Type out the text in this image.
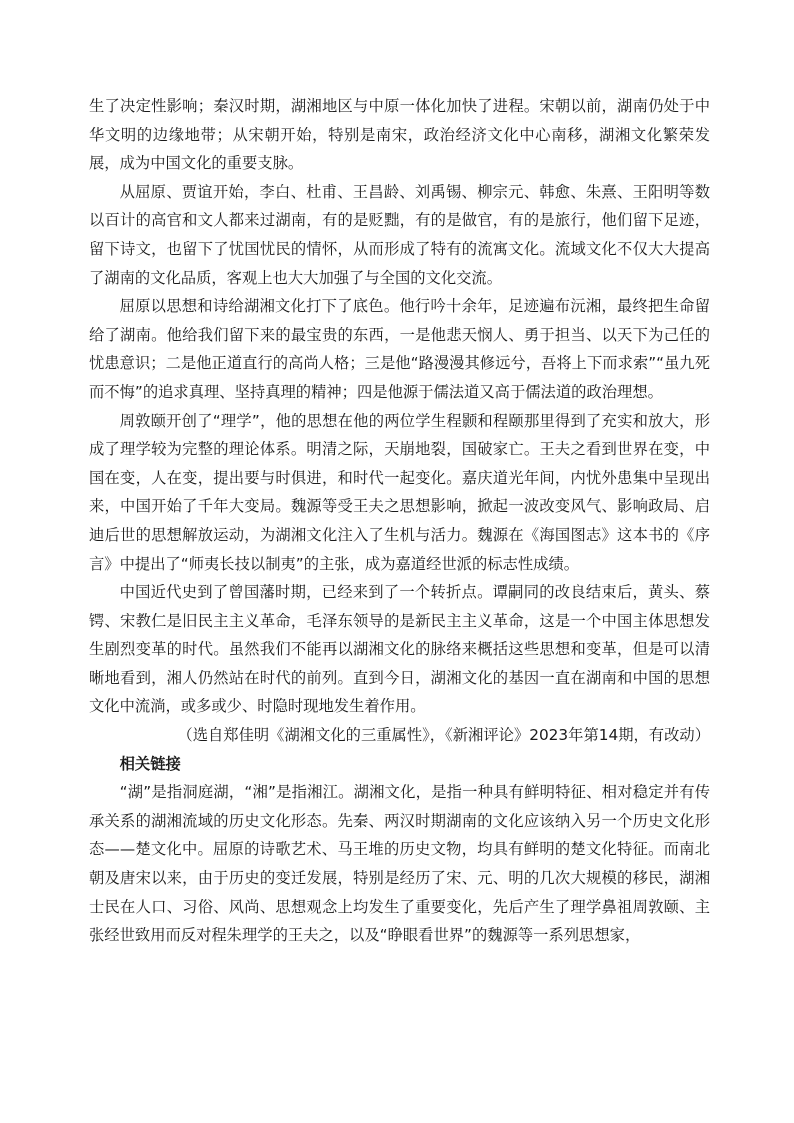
生了决定性影响；秦汉时期，湖湘地区与中原一体化加快了进程。宋朝以前，湖南仍处于中华文明的边缘地带；从宋朝开始，特别是南宋，政治经济文化中心南移，湖湘文化繁荣发展，成为中国文化的重要支脉。

从屈原、贾谊开始，李白、杜甫、王昌龄、刘禹锡、柳宗元、韩愈、朱熹、王阳明等数以百计的高官和文人都来过湖南，有的是贬黜，有的是做官，有的是旅行，他们留下足迹，留下诗文，也留下了忧国忧民的情怀，从而形成了特有的流寓文化。流域文化不仅大大提高了湖南的文化品质，客观上也大大加强了与全国的文化交流。

屈原以思想和诗给湖湘文化打下了底色。他行吟十余年，足迹遍布沅湘，最终把生命留给了湖南。他给我们留下来的最宝贵的东西，一是他悲天悯人、勇于担当、以天下为己任的忧患意识；二是他正道直行的高尚人格；三是他“路漫漫其修远兮，吾将上下而求索”“虽九死而不悔”的追求真理、坚持真理的精神；四是他源于儒法道又高于儒法道的政治理想。

周敦颐开创了“理学”，他的思想在他的两位学生程颢和程颐那里得到了充实和放大，形成了理学较为完整的理论体系。明清之际，天崩地裂，国破家亡。王夫之看到世界在变，中国在变，人在变，提出要与时俱进，和时代一起变化。嘉庆道光年间，内忧外患集中呈现出来，中国开始了千年大变局。魏源等受王夫之思想影响，掀起一波改变风气、影响政局、启迪后世的思想解放运动，为湖湘文化注入了生机与活力。魏源在《海国图志》这本书的《序言》中提出了“师夷长技以制夷”的主张，成为嘉道经世派的标志性成绩。

中国近代史到了曾国藩时期，已经来到了一个转折点。谭嗣同的改良结束后，黄头、蔡锷、宋教仁是旧民主主义革命，毛泽东领导的是新民主主义革命，这是一个中国主体思想发生剧烈变革的时代。虽然我们不能再以湖湘文化的脉络来概括这些思想和变革，但是可以清晰地看到，湘人仍然站在时代的前列。直到今日，湖湘文化的基因一直在湖南和中国的思想文化中流淌，或多或少、时隐时现地发生着作用。

（选自郑佳明《湖湘文化的三重属性》，《新湘评论》2023年第14期，有改动）

相关链接

“湖”是指洞庭湖，“湘”是指湘江。湖湘文化，是指一种具有鲜明特征、相对稳定并有传承关系的湖湘流域的历史文化形态。先秦、两汉时期湖南的文化应该纳入另一个历史文化形态——楚文化中。屈原的诗歌艺术、马王堆的历史文物，均具有鲜明的楚文化特征。而南北朝及唐宋以来，由于历史的变迁发展，特别是经历了宋、元、明的几次大规模的移民，湖湘士民在人口、习俗、风尚、思想观念上均发生了重要变化，先后产生了理学鼻祖周敦颐、主张经世致用而反对程朱理学的王夫之，以及“睁眼看世界”的魏源等一系列思想家，
